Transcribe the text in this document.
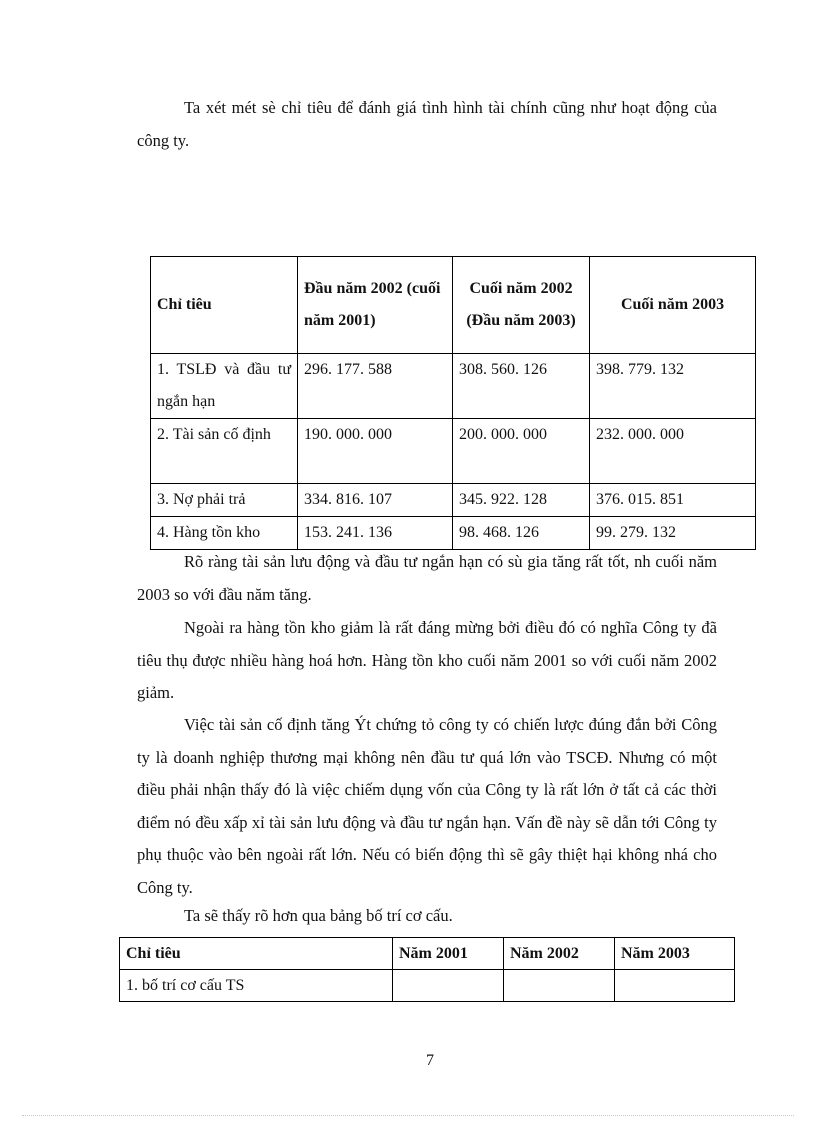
Ta xét mét sè chỉ tiêu để đánh giá tình hình tài chính cũng như hoạt động của công ty.

Chỉ tiêu	Đầu năm 2002 (cuối năm 2001)	Cuối năm 2002 (Đầu năm 2003)	Cuối năm 2003
1. TSLĐ và đầu tư ngắn hạn	296. 177. 588	308. 560. 126	398. 779. 132
2. Tài sản cố định	190. 000. 000	200. 000. 000	232. 000. 000
3. Nợ phải trả	334. 816. 107	345. 922. 128	376. 015. 851
4. Hàng tồn kho	153. 241. 136	98. 468. 126	99. 279. 132

Rõ ràng tài sản lưu động và đầu tư ngắn hạn có sù gia tăng rất tốt, nh cuối năm 2003 so với đầu năm tăng.

Ngoài ra hàng tồn kho giảm là rất đáng mừng bởi điều đó có nghĩa Công ty đã tiêu thụ được nhiều hàng hoá hơn. Hàng tồn kho cuối năm 2001 so với cuối năm 2002 giảm.

Việc tài sản cố định tăng Ýt chứng tỏ công ty có chiến lược đúng đắn bởi Công ty là doanh nghiệp thương mại không nên đầu tư quá lớn vào TSCĐ. Nhưng có một điều phải nhận thấy đó là việc chiếm dụng vốn của Công ty là rất lớn ở tất cả các thời điểm nó đều xấp xỉ tài sản lưu động và đầu tư ngắn hạn. Vấn đề này sẽ dẫn tới Công ty phụ thuộc vào bên ngoài rất lớn. Nếu có biến động thì sẽ gây thiệt hại không nhá cho Công ty.

Ta sẽ thấy rõ hơn qua bảng bố trí cơ cấu.

Chỉ tiêu	Năm 2001	Năm 2002	Năm 2003
1. bố trí cơ cấu TS			
7
